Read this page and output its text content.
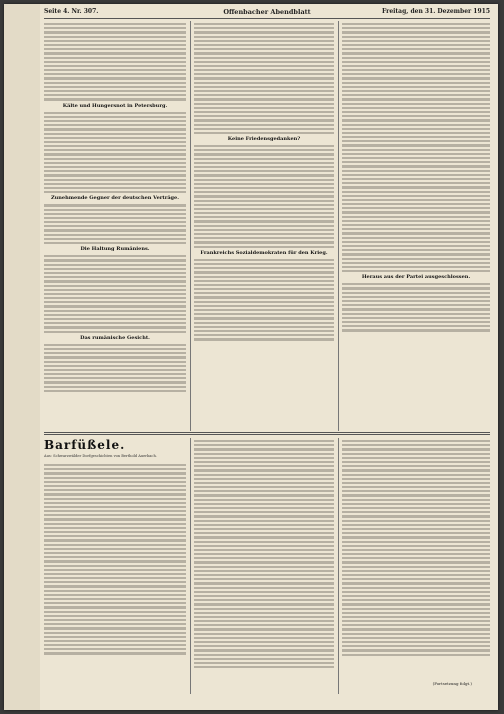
Seite 4. Nr. 307.	Offenbacher Abendblatt	Freitag, den 31. Dezember 1915
Kälte und Hungersnot in Petersburg.
Zunehmende Gegner der deutschen Verträge.
Die Haltung Rumäniens.
Das rumänische Gesicht.
Keine Friedensgedanken?
Frankreichs Sozialdemokraten für den Krieg.
Heraus aus der Partei ausgeschlossen.
Barfüßele.
Aus: Schwarzwälder Dorfgeschichten von Berthold Auerbach.
(Fortsetzung folgt.)
